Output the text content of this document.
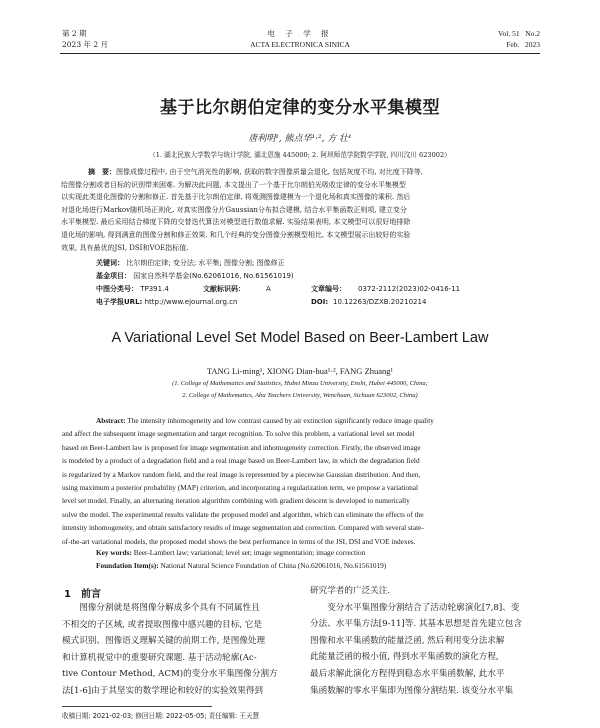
第 2 期
2023 年 2 月
电 子 学 报
ACTA ELECTRONICA SINICA
Vol. 51   No.2
Feb.   2023
基于比尔朗伯定律的变分水平集模型
唐利明¹, 熊点华¹·², 方 壮¹
（1. 湖北民族大学数学与统计学院, 湖北恩施 445000; 2. 阿坝师范学院数学学院, 四川汶川 623002）
摘　要：图像成像过程中, 由于空气消光性的影响, 获取的数字图像质量会退化, 包括灰度不均, 对比度下降等,
给图像分割或者目标的识别带来困难. 为解决此问题, 本文提出了一个基于比尔朗伯光吸收定律的变分水平集模型
以实现此类退化图像的分割和修正. 首先基于比尔朗伯定律, 将观测图像建模为一个退化场和真实图像的乘积. 然后
对退化场进行Markov随机场正则化, 对真实图像分片Gaussian分布拟合建模, 结合水平集函数正则项, 建立变分
水平集模型. 最后采用结合梯度下降的交替迭代算法对模型进行数值求解. 实验结果表明, 本文模型可以很好地排除
退化场的影响, 得到满意的图像分割和修正效果. 和几个经典的变分图像分割模型相比, 本文模型展示出较好的实验
效果, 具有最优的JSI, DSI和VOE指标值.
关键词： 比尔朗伯定律; 变分法; 水平集; 图像分割; 图像修正
基金项目： 国家自然科学基金(No.62061016, No.61561019)
中图分类号： TP391.4	文献标识码：	A	文章编号： 0372-2112(2023)02-0416-11
电子学报URL: http://www.ejournal.org.cn	DOI: 10.12263/DZXB.20210214
A Variational Level Set Model Based on Beer-Lambert Law
TANG Li-ming¹, XIONG Dian-hua¹·², FANG Zhuang¹
(1. College of Mathematics and Statistics, Hubei Minzu University, Enshi, Hubei 445000, China;
2. College of Mathematics, Aba Teachers University, Wenchuan, Sichuan 623002, China)
Abstract: The intensity inhomogeneity and low contrast caused by air extinction significantly reduce image quality
and affect the subsequent image segmentation and target recognition. To solve this problem, a variational level set model
based on Beer-Lambert law is proposed for image segmentation and inhomogeneity correction. Firstly, the observed image
is modeled by a product of a degradation field and a real image based on Beer-Lambert law, in which the degradation field
is regularized by a Markov random field, and the real image is represented by a piecewise Gaussian distribution. And then,
using maximum a posterior probability (MAP) criterion, and incorporating a regularization term, we propose a variational
level set model. Finally, an alternating iteration algorithm combining with gradient descent is developed to numerically
solve the model. The experimental results validate the proposed model and algorithm, which can eliminate the effects of the
intensity inhomogeneity, and obtain satisfactory results of image segmentation and correction. Compared with several state-
of-the-art variational models, the proposed model shows the best performance in terms of the JSI, DSI and VOE indexes.
Key words: Beer-Lambert law; variational; level set; image segmentation; image correction
Foundation Item(s): National Natural Science Foundation of China (No.62061016, No.61561019)
1　前言
　　图像分割就是将图像分解成多个具有不同属性且
不相交的子区域, 或者提取图像中感兴趣的目标, 它是
模式识别、图像语义理解关键的前期工作, 是图像处理
和计算机视觉中的重要研究课题. 基于活动轮廓(Ac-
tive Contour Method, ACM)的变分水平集图像分割方
法[1-6]由于其坚实的数学理论和较好的实验效果得到
研究学者的广泛关注.
　　变分水平集图像分割结合了活动轮廓演化[7,8]、变
分法、水平集方法[9-11]等. 其基本思想是首先建立包含
图像和水平集函数的能量泛函, 然后利用变分法求解
此能量泛函的极小值, 得到水平集函数的演化方程,
最后求解此演化方程得到稳态水平集函数解, 此水平
集函数解的零水平集即为图像分割结果. 该变分水平集
收稿日期: 2021-02-03; 修回日期: 2022-05-05; 责任编辑: 王天慧
